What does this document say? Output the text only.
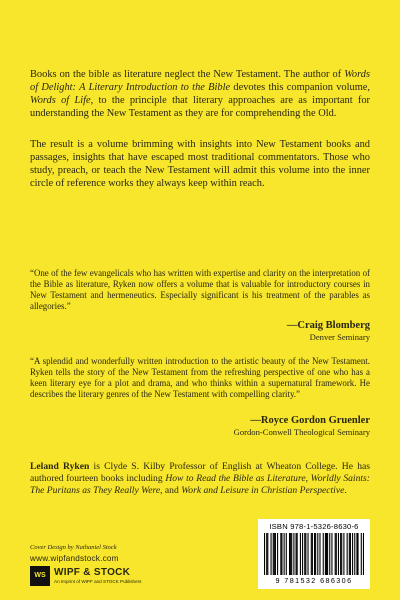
Books on the bible as literature neglect the New Testament. The author of Words of Delight: A Literary Introduction to the Bible devotes this companion volume, Words of Life, to the principle that literary approaches are as important for understanding the New Testament as they are for comprehending the Old.

The result is a volume brimming with insights into New Testament books and passages, insights that have escaped most traditional commentators. Those who study, preach, or teach the New Testament will admit this volume into the inner circle of reference works they always keep within reach.

“One of the few evangelicals who has written with expertise and clarity on the interpretation of the Bible as literature, Ryken now offers a volume that is valuable for introductory courses in New Testament and hermeneutics. Especially significant is his treatment of the parables as allegories.”
—Craig Blomberg
Denver Seminary
“A splendid and wonderfully written introduction to the artistic beauty of the New Testament. Ryken tells the story of the New Testament from the refreshing perspective of one who has a keen literary eye for a plot and drama, and who thinks within a supernatural framework. He describes the literary genres of the New Testament with compelling clarity.”
—Royce Gordon Gruenler
Gordon-Conwell Theological Seminary
Leland Ryken is Clyde S. Kilby Professor of English at Wheaton College. He has authored fourteen books including How to Read the Bible as Literature, Worldly Saints: The Puritans as They Really Were, and Work and Leisure in Christian Perspective.
Cover Design by Nathaniel Stock
www.wipfandstock.com
WS WIPF & STOCK
An Imprint of WIPF and STOCK Publishers
ISBN 978-1-5326-8630-6
9 781532 686306
